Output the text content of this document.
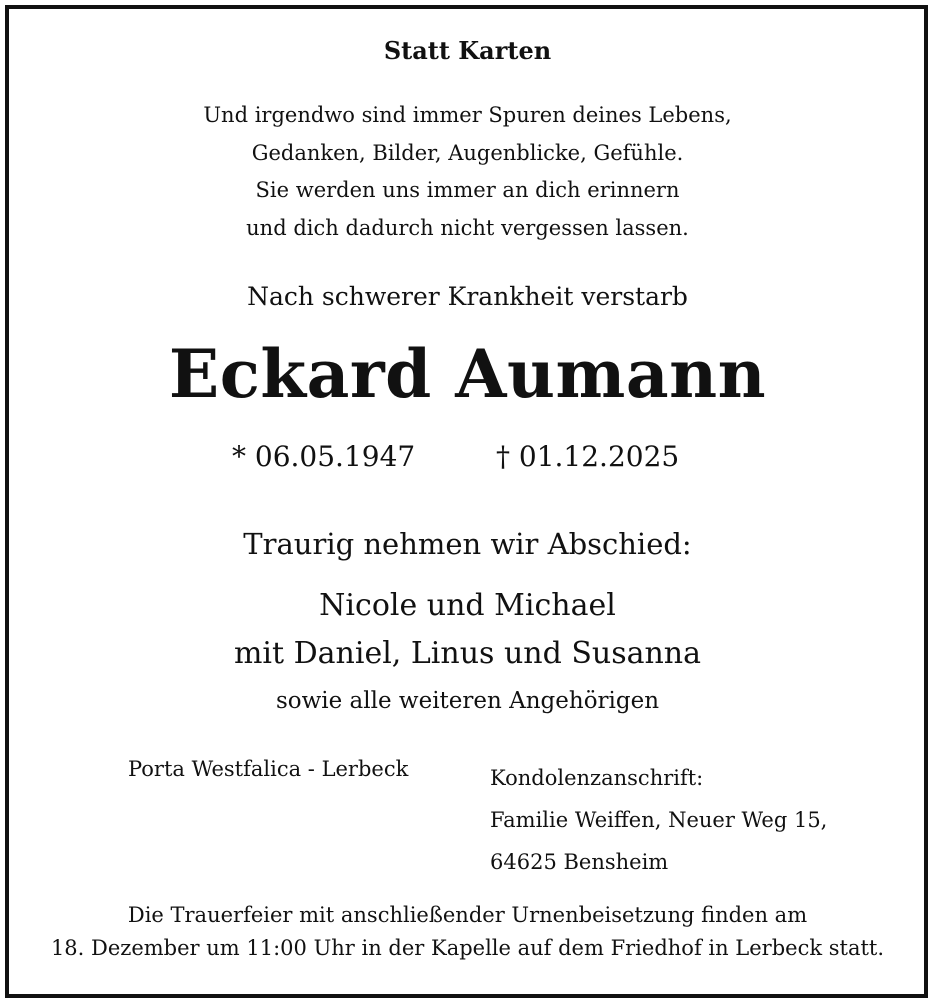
Statt Karten
Und irgendwo sind immer Spuren deines Lebens,
Gedanken, Bilder, Augenblicke, Gefühle.
Sie werden uns immer an dich erinnern
und dich dadurch nicht vergessen lassen.
Nach schwerer Krankheit verstarb
Eckard Aumann
* 06.05.1947	† 01.12.2025
Traurig nehmen wir Abschied:
Nicole und Michael
mit Daniel, Linus und Susanna
sowie alle weiteren Angehörigen
Porta Westfalica - Lerbeck	Kondolenzanschrift:
Familie Weiffen, Neuer Weg 15,
64625 Bensheim
Die Trauerfeier mit anschließender Urnenbeisetzung finden am
18. Dezember um 11:00 Uhr in der Kapelle auf dem Friedhof in Lerbeck statt.
